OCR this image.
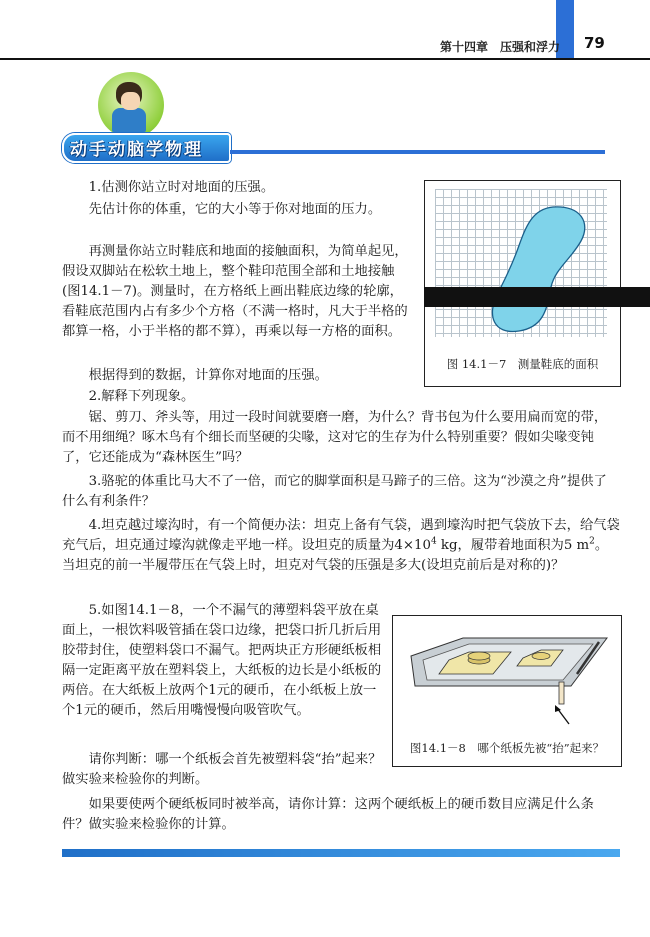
第十四章　压强和浮力 79
动手动脑学物理
1.估测你站立时对地面的压强。
先估计你的体重，它的大小等于你对地面的压力。
再测量你站立时鞋底和地面的接触面积，为简单起见，假设双脚站在松软土地上，整个鞋印范围全部和土地接触(图14.1－7)。测量时，在方格纸上画出鞋底边缘的轮廓，看鞋底范围内占有多少个方格（不满一格时，凡大于半格的都算一格，小于半格的都不算），再乘以每一方格的面积。
根据得到的数据，计算你对地面的压强。
图 14.1－7　测量鞋底的面积
2.解释下列现象。
锯、剪刀、斧头等，用过一段时间就要磨一磨，为什么？背书包为什么要用扁而宽的带，而不用细绳？啄木鸟有个细长而坚硬的尖喙，这对它的生存为什么特别重要？假如尖喙变钝了，它还能成为“森林医生”吗？
3.骆驼的体重比马大不了一倍，而它的脚掌面积是马蹄子的三倍。这为“沙漠之舟”提供了什么有利条件？
4.坦克越过壕沟时，有一个简便办法：坦克上备有气袋，遇到壕沟时把气袋放下去，给气袋充气后，坦克通过壕沟就像走平地一样。设坦克的质量为$4\times 10^4$ kg，履带着地面积为5 $m^2$。当坦克的前一半履带压在气袋上时，坦克对气袋的压强是多大(设坦克前后是对称的)？
5.如图14.1－8，一个不漏气的薄塑料袋平放在桌面上，一根饮料吸管插在袋口边缘，把袋口折几折后用胶带封住，使塑料袋口不漏气。把两块正方形硬纸板相隔一定距离平放在塑料袋上，大纸板的边长是小纸板的两倍。在大纸板上放两个1元的硬币，在小纸板上放一个1元的硬币，然后用嘴慢慢向吸管吹气。
请你判断：哪一个纸板会首先被塑料袋“抬”起来？做实验来检验你的判断。
如果要使两个硬纸板同时被举高，请你计算：这两个硬纸板上的硬币数目应满足什么条件？做实验来检验你的计算。
图14.1－8　哪个纸板先被“抬”起来？
